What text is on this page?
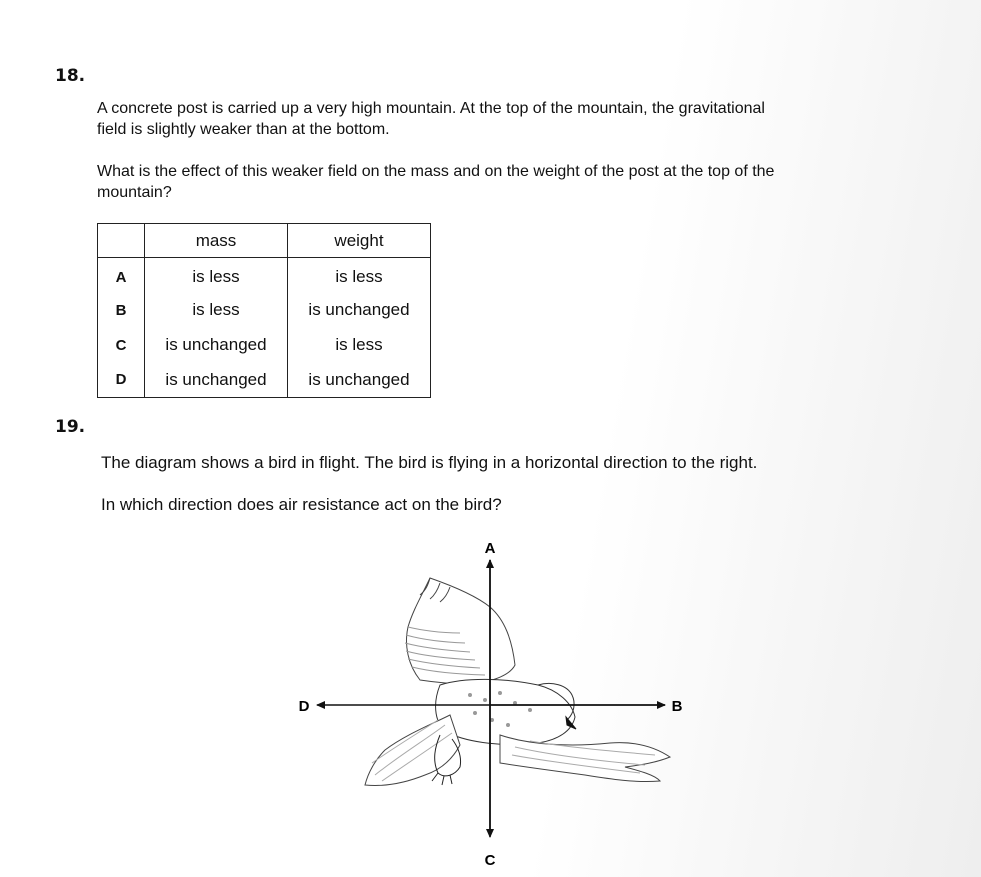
18.

A concrete post is carried up a very high mountain. At the top of the mountain, the gravitational

field is slightly weaker than at the bottom.

What is the effect of this weaker field on the mass and on the weight of the post at the top of the

mountain?

	mass	weight
A	is less	is less
B	is less	is unchanged
C	is unchanged	is less
D	is unchanged	is unchanged
19.

The diagram shows a bird in flight. The bird is flying in a horizontal direction to the right.

In which direction does air resistance act on the bird?

A
B
C
D
